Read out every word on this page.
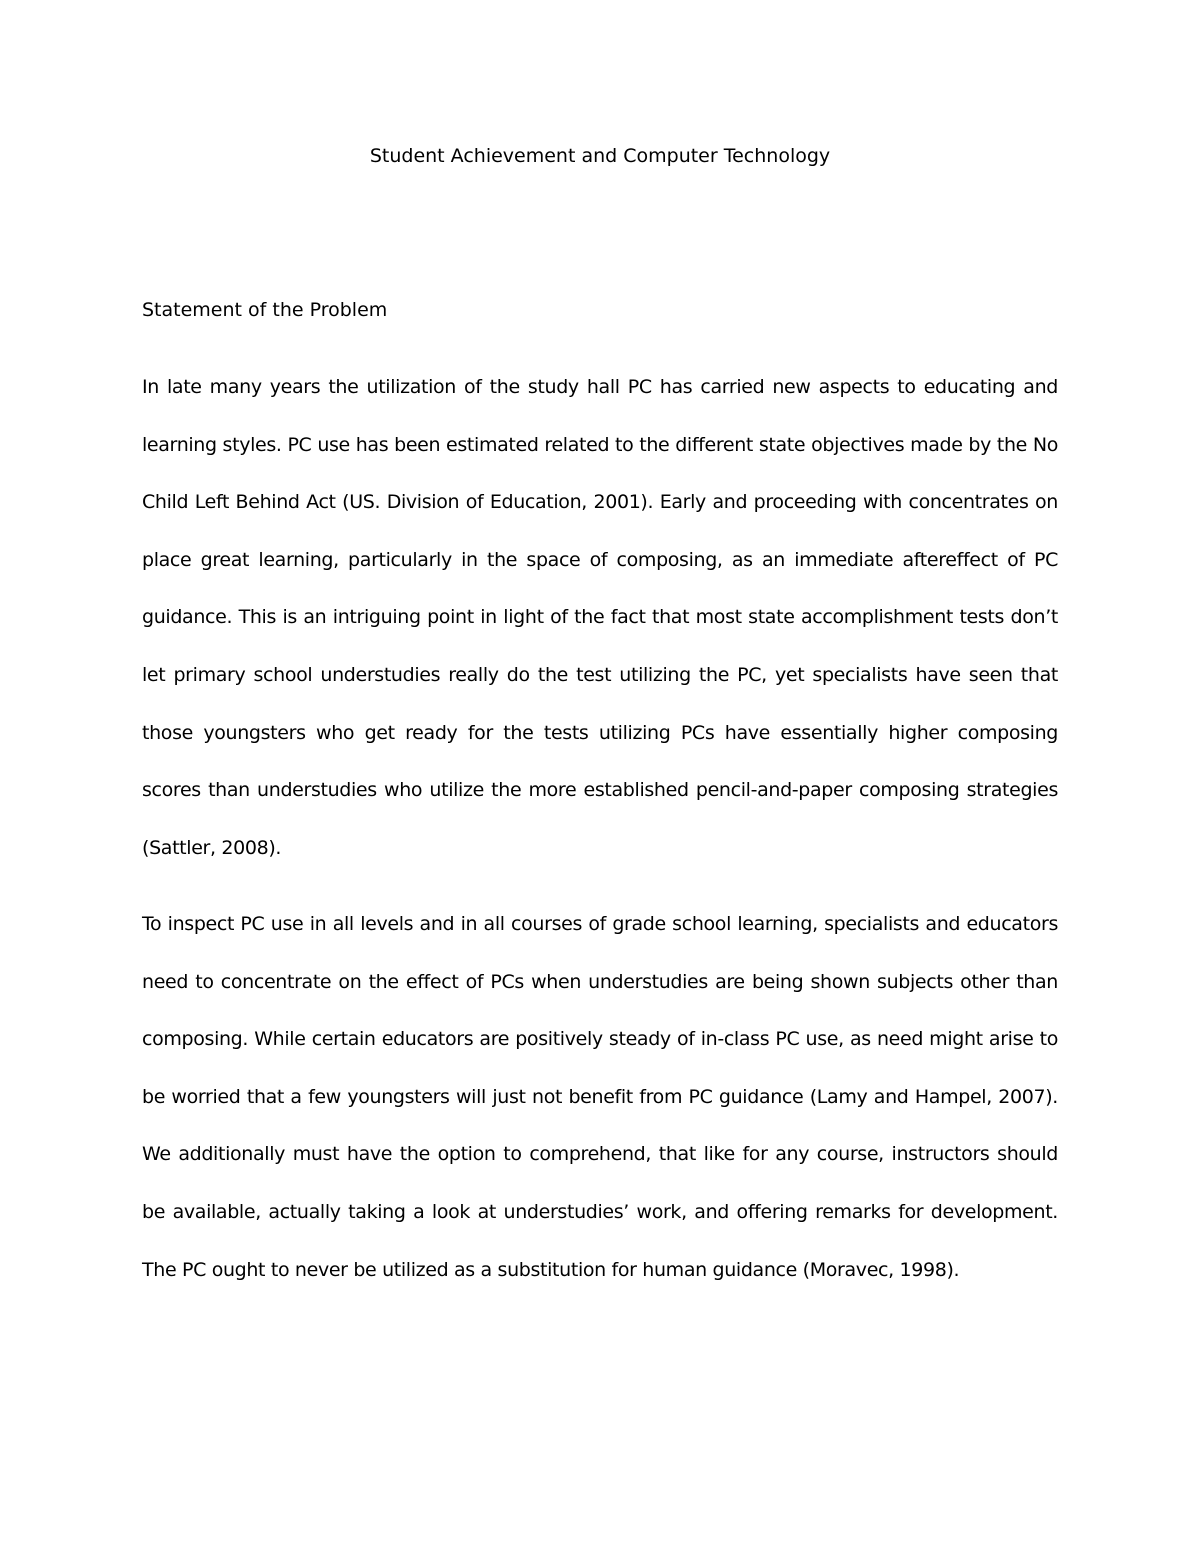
Student Achievement and Computer Technology
Statement of the Problem

In late many years the utilization of the study hall PC has carried new aspects to educating and learning styles. PC use has been estimated related to the different state objectives made by the No Child Left Behind Act (US. Division of Education, 2001). Early and proceeding with concentrates on place great learning, particularly in the space of composing, as an immediate aftereffect of PC guidance. This is an intriguing point in light of the fact that most state accomplishment tests don’t let primary school understudies really do the test utilizing the PC, yet specialists have seen that those youngsters who get ready for the tests utilizing PCs have essentially higher composing scores than understudies who utilize the more established pencil-and-paper composing strategies (Sattler, 2008).

To inspect PC use in all levels and in all courses of grade school learning, specialists and educators need to concentrate on the effect of PCs when understudies are being shown subjects other than composing. While certain educators are positively steady of in-class PC use, as need might arise to be worried that a few youngsters will just not benefit from PC guidance (Lamy and Hampel, 2007). We additionally must have the option to comprehend, that like for any course, instructors should be available, actually taking a look at understudies’ work, and offering remarks for development. The PC ought to never be utilized as a substitution for human guidance (Moravec, 1998).
